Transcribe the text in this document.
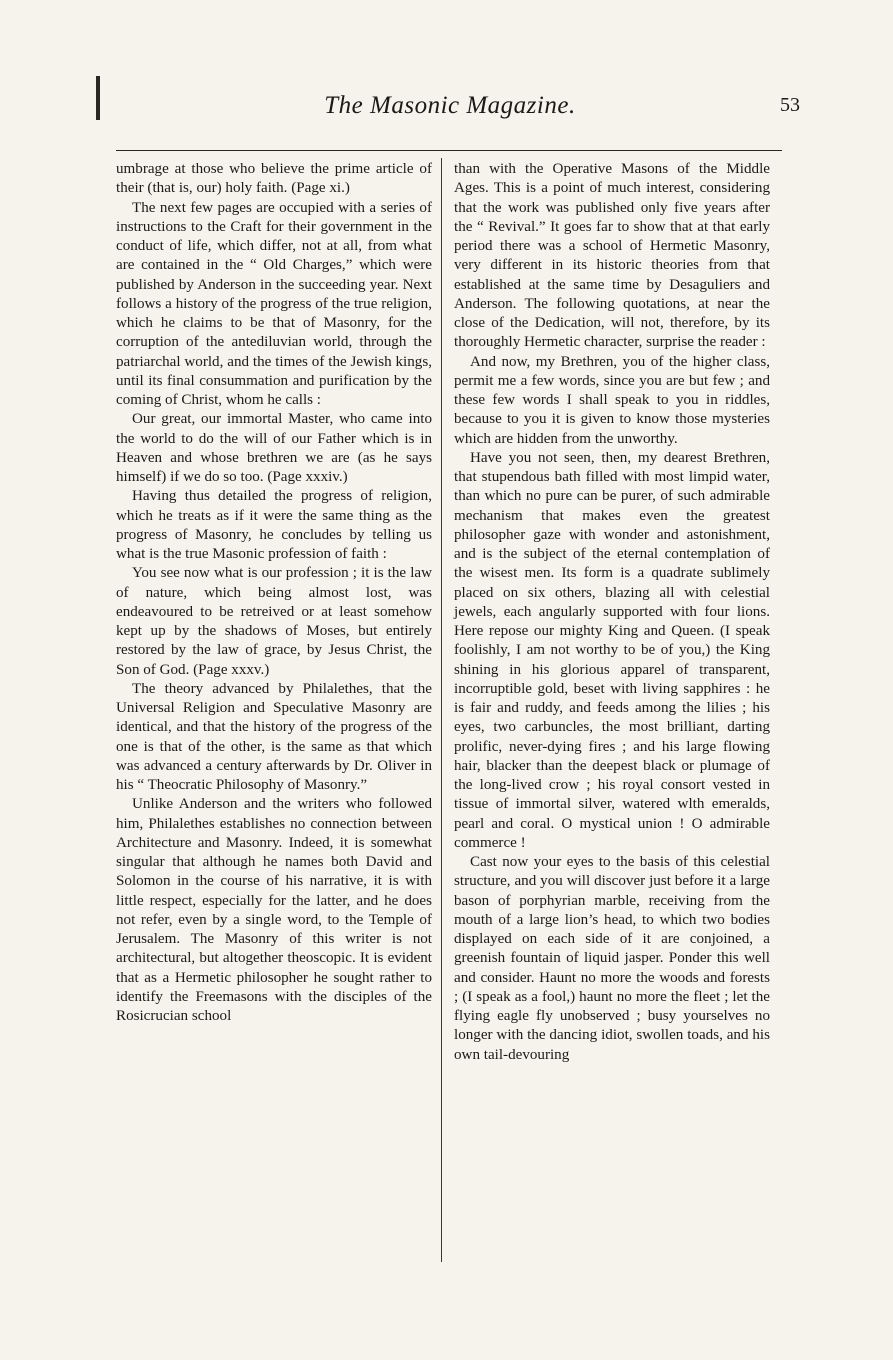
The Masonic Magazine.	53

umbrage at those who believe the prime article of their (that is, our) holy faith. (Page xi.)

The next few pages are occupied with a series of instructions to the Craft for their government in the conduct of life, which differ, not at all, from what are contained in the “ Old Charges,” which were published by Anderson in the succeeding year. Next follows a history of the progress of the true religion, which he claims to be that of Masonry, for the corruption of the antediluvian world, through the patriarchal world, and the times of the Jewish kings, until its final consummation and purification by the coming of Christ, whom he calls :

Our great, our immortal Master, who came into the world to do the will of our Father which is in Heaven and whose brethren we are (as he says himself) if we do so too. (Page xxxiv.)

Having thus detailed the progress of religion, which he treats as if it were the same thing as the progress of Masonry, he concludes by telling us what is the true Masonic profession of faith :

You see now what is our profession ; it is the law of nature, which being almost lost, was endeavoured to be retreived or at least somehow kept up by the shadows of Moses, but entirely restored by the law of grace, by Jesus Christ, the Son of God. (Page xxxv.)

The theory advanced by Philalethes, that the Universal Religion and Speculative Masonry are identical, and that the history of the progress of the one is that of the other, is the same as that which was advanced a century afterwards by Dr. Oliver in his “ Theocratic Philosophy of Masonry.”

Unlike Anderson and the writers who followed him, Philalethes establishes no connection between Architecture and Masonry. Indeed, it is somewhat singular that although he names both David and Solomon in the course of his narrative, it is with little respect, especially for the latter, and he does not refer, even by a single word, to the Temple of Jerusalem. The Masonry of this writer is not architectural, but altogether theoscopic. It is evident that as a Hermetic philosopher he sought rather to identify the Freemasons with the disciples of the Rosicrucian school

than with the Operative Masons of the Middle Ages. This is a point of much interest, considering that the work was published only five years after the “ Revival.” It goes far to show that at that early period there was a school of Hermetic Masonry, very different in its historic theories from that established at the same time by Desaguliers and Anderson. The following quotations, at near the close of the Dedication, will not, therefore, by its thoroughly Hermetic character, surprise the reader :

And now, my Brethren, you of the higher class, permit me a few words, since you are but few ; and these few words I shall speak to you in riddles, because to you it is given to know those mysteries which are hidden from the unworthy.

Have you not seen, then, my dearest Brethren, that stupendous bath filled with most limpid water, than which no pure can be purer, of such admirable mechanism that makes even the greatest philosopher gaze with wonder and astonishment, and is the subject of the eternal contemplation of the wisest men. Its form is a quadrate sublimely placed on six others, blazing all with celestial jewels, each angularly supported with four lions. Here repose our mighty King and Queen. (I speak foolishly, I am not worthy to be of you,) the King shining in his glorious apparel of transparent, incorruptible gold, beset with living sapphires : he is fair and ruddy, and feeds among the lilies ; his eyes, two carbuncles, the most brilliant, darting prolific, never-dying fires ; and his large flowing hair, blacker than the deepest black or plumage of the long-lived crow ; his royal consort vested in tissue of immortal silver, watered wlth emeralds, pearl and coral. O mystical union ! O admirable commerce !

Cast now your eyes to the basis of this celestial structure, and you will discover just before it a large bason of porphyrian marble, receiving from the mouth of a large lion’s head, to which two bodies displayed on each side of it are conjoined, a greenish fountain of liquid jasper. Ponder this well and consider. Haunt no more the woods and forests ; (I speak as a fool,) haunt no more the fleet ; let the flying eagle fly unobserved ; busy yourselves no longer with the dancing idiot, swollen toads, and his own tail-devouring
